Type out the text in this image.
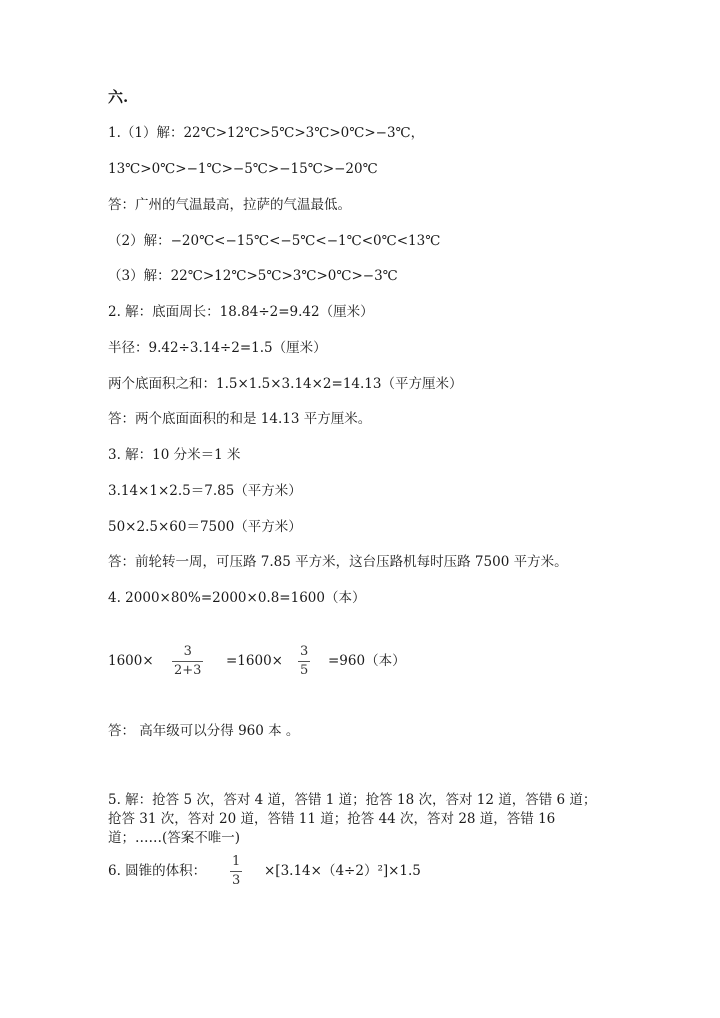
六.
1.（1）解：22℃>12℃>5℃>3℃>0℃>−3℃，
13℃>0℃>−1℃>−5℃>−15℃>−20℃
答：广州的气温最高，拉萨的气温最低。
（2）解：−20℃<−15℃<−5℃<−1℃<0℃<13℃
（3）解：22℃>12℃>5℃>3℃>0℃>−3℃
2. 解：底面周长：18.84÷2=9.42（厘米）
半径：9.42÷3.14÷2=1.5（厘米）
两个底面积之和：1.5×1.5×3.14×2=14.13（平方厘米）
答：两个底面面积的和是 14.13 平方厘米。
3. 解：10 分米＝1 米
3.14×1×2.5＝7.85（平方米）
50×2.5×60＝7500（平方米）
答：前轮转一周，可压路 7.85 平方米，这台压路机每时压路 7500 平方米。
4. 2000×80%=2000×0.8=1600（本）
1600×
3
2+3
=1600×
3
5
=960（本）
答： 高年级可以分得 960 本 。
5. 解：抢答 5 次，答对 4 道，答错 1 道；抢答 18 次，答对 12 道，答错 6 道；
抢答 31 次，答对 20 道，答错 11 道；抢答 44 次，答对 28 道，答错 16
道；……(答案不唯一)
6. 圆锥的体积：
1
3
×[3.14×（4÷2）²]×1.5
